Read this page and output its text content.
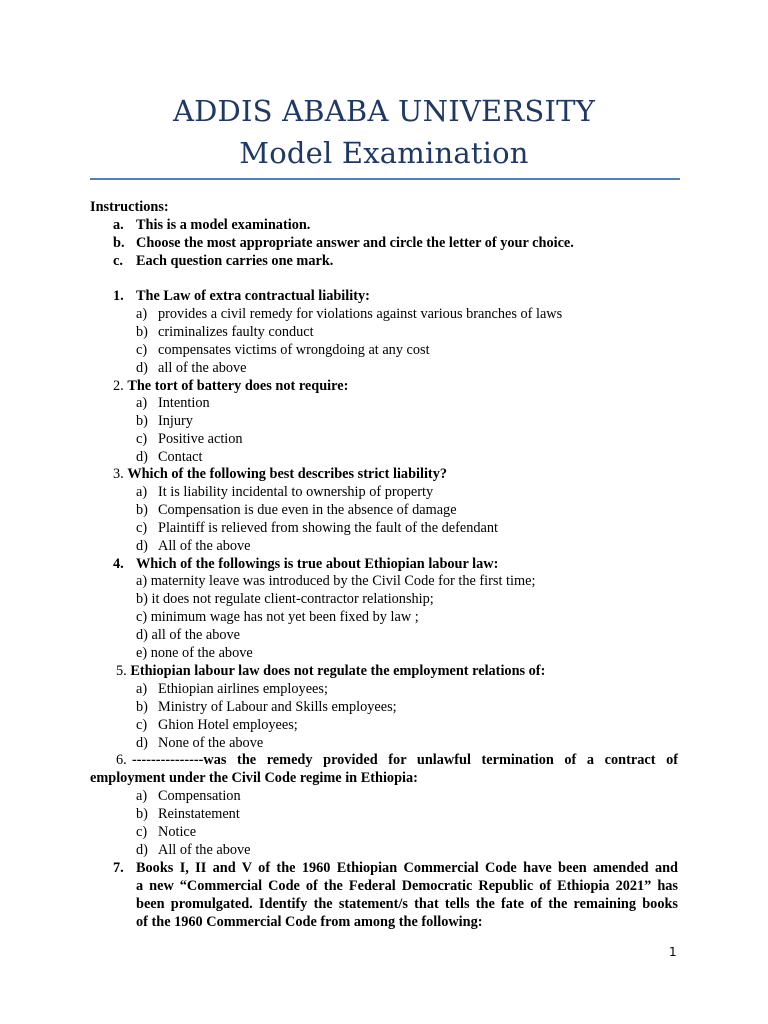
ADDIS ABABA UNIVERSITY
Model Examination
Instructions:
a. This is a model examination.
b. Choose the most appropriate answer and circle the letter of your choice.
c. Each question carries one mark.
1. The Law of extra contractual liability:
a) provides a civil remedy for violations against various branches of laws
b) criminalizes faulty conduct
c) compensates victims of wrongdoing at any cost
d) all of the above
2. The tort of battery does not require:
a) Intention
b) Injury
c) Positive action
d) Contact
3. Which of the following best describes strict liability?
a) It is liability incidental to ownership of property
b) Compensation is due even in the absence of damage
c) Plaintiff is relieved from showing the fault of the defendant
d) All of the above
4. Which of the followings is true about Ethiopian labour law:
a) maternity leave was introduced by the Civil Code for the first time;
b) it does not regulate client-contractor relationship;
c) minimum wage has not yet been fixed by law ;
d) all of the above
e) none of the above
5. Ethiopian labour law does not regulate the employment relations of:
a) Ethiopian airlines employees;
b) Ministry of Labour and Skills employees;
c) Ghion Hotel employees;
d) None of the above
6. ---------------was the remedy provided for unlawful termination of a contract of
employment under the Civil Code regime in Ethiopia:
a) Compensation
b) Reinstatement
c) Notice
d) All of the above
7. Books I, II and V of the 1960 Ethiopian Commercial Code have been amended and
a new “Commercial Code of the Federal Democratic Republic of Ethiopia 2021” has
been promulgated. Identify the statement/s that tells the fate of the remaining books
of the 1960 Commercial Code from among the following:
1
